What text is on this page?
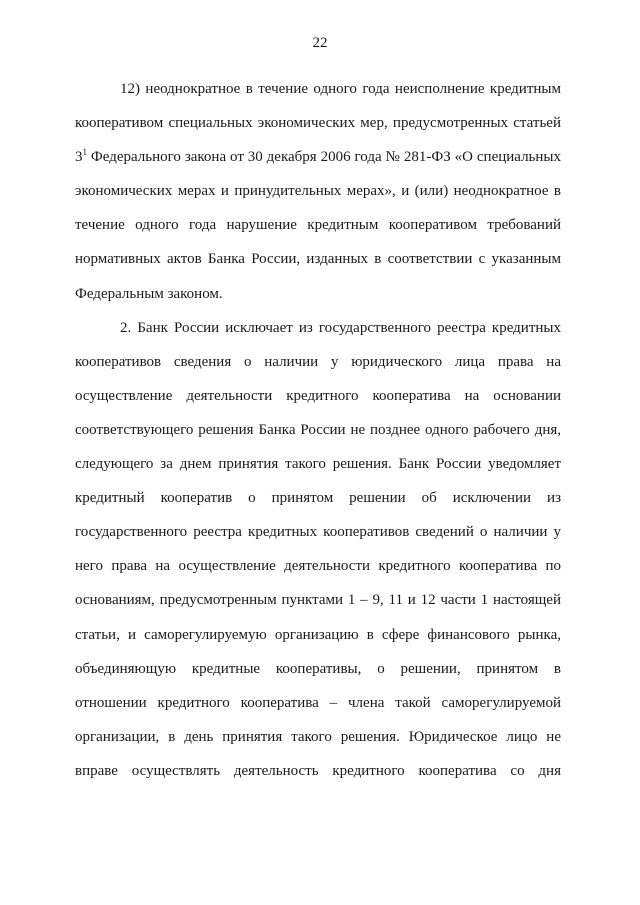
22
12) неоднократное в течение одного года неисполнение кредитным
кооперативом специальных экономических мер, предусмотренных статьей
$3^1$ Федерального закона от 30 декабря 2006 года № 281-ФЗ «О специальных
экономических мерах и принудительных мерах», и (или) неоднократное в
течение одного года нарушение кредитным кооперативом требований
нормативных актов Банка России, изданных в соответствии с указанным
Федеральным законом.
2. Банк России исключает из государственного реестра кредитных
кооперативов сведения о наличии у юридического лица права на
осуществление деятельности кредитного кооператива на основании
соответствующего решения Банка России не позднее одного рабочего дня,
следующего за днем принятия такого решения. Банк России уведомляет
кредитный кооператив о принятом решении об исключении из
государственного реестра кредитных кооперативов сведений о наличии у
него права на осуществление деятельности кредитного кооператива по
основаниям, предусмотренным пунктами 1 – 9, 11 и 12 части 1 настоящей
статьи, и саморегулируемую организацию в сфере финансового рынка,
объединяющую кредитные кооперативы, о решении, принятом в
отношении кредитного кооператива – члена такой саморегулируемой
организации, в день принятия такого решения. Юридическое лицо не
вправе осуществлять деятельность кредитного кооператива со дня
